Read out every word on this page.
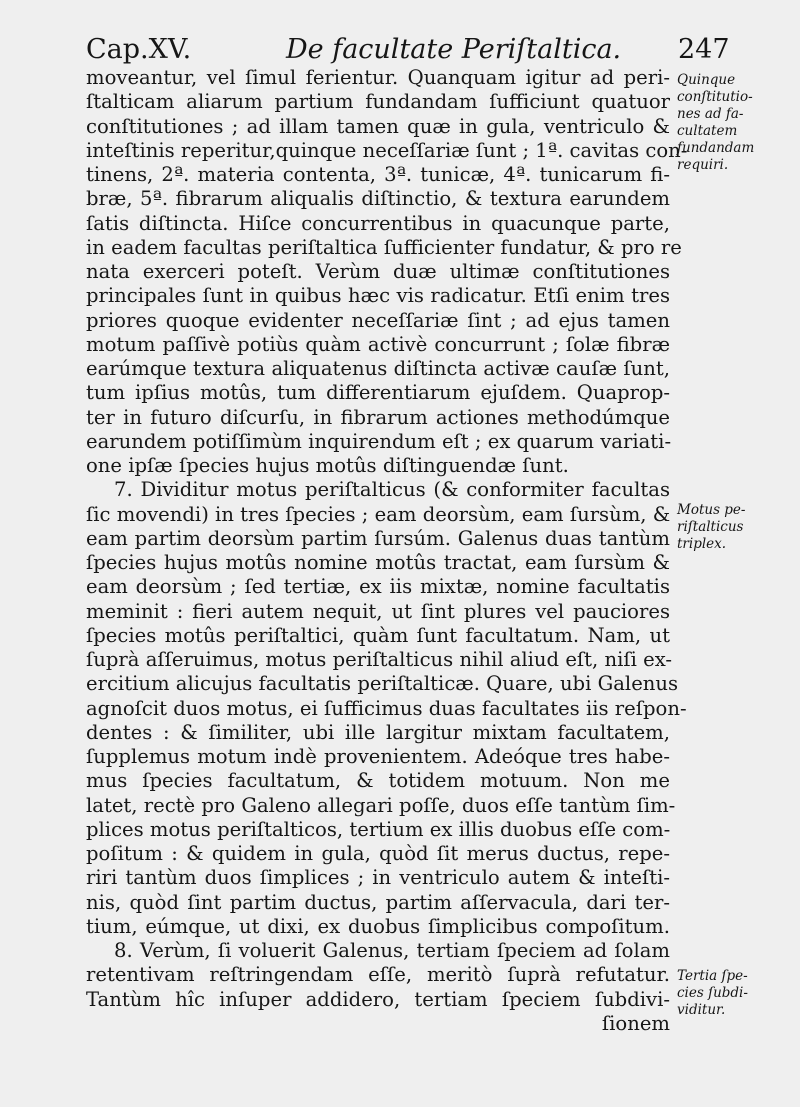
Cap.XV.	De facultate Periſtaltica. 247
moveantur, vel ſimul ferientur. Quanquam igitur ad peri-
ſtalticam aliarum partium fundandam ſufficiunt quatuor
conſtitutiones ; ad illam tamen quæ in gula, ventriculo &
inteſtinis reperitur,quinque neceſſariæ ſunt ; 1ª. cavitas con-
tinens, 2ª. materia contenta, 3ª. tunicæ, 4ª. tunicarum fi-
bræ, 5ª. fibrarum aliqualis diſtinctio, & textura earundem
ſatis diſtincta. Hiſce concurrentibus in quacunque parte,
in eadem facultas periſtaltica ſufficienter fundatur, & pro re
nata exerceri poteſt. Verùm duæ ultimæ conſtitutiones
principales ſunt in quibus hæc vis radicatur. Etſi enim tres
priores quoque evidenter neceſſariæ ſint ; ad ejus tamen
motum paſſivè potiùs quàm activè concurrunt ; ſolæ fibræ
earúmque textura aliquatenus diſtincta activæ cauſæ ſunt,
tum ipſius motûs, tum differentiarum ejuſdem. Quaprop-
ter in futuro diſcurſu, in fibrarum actiones methodúmque
earundem potiſſimùm inquirendum eſt ; ex quarum variati-
one ipſæ ſpecies hujus motûs diſtinguendæ ſunt.
7. Dividitur motus periſtalticus (& conformiter facultas
ſic movendi) in tres ſpecies ; eam deorsùm, eam ſursùm, &
eam partim deorsùm partim ſursúm. Galenus duas tantùm
ſpecies hujus motûs nomine motûs tractat, eam ſursùm &
eam deorsùm ; ſed tertiæ, ex iis mixtæ, nomine facultatis
meminit : fieri autem nequit, ut ſint plures vel pauciores
ſpecies motûs periſtaltici, quàm ſunt facultatum. Nam, ut
ſuprà aſſeruimus, motus periſtalticus nihil aliud eſt, niſi ex-
ercitium alicujus facultatis periſtalticæ. Quare, ubi Galenus
agnoſcit duos motus, ei ſufficimus duas facultates iis reſpon-
dentes : & ſimiliter, ubi ille largitur mixtam facultatem,
ſupplemus motum indè provenientem. Adeóque tres habe-
mus ſpecies facultatum, & totidem motuum. Non me
latet, rectè pro Galeno allegari poſſe, duos eſſe tantùm ſim-
plices motus periſtalticos, tertium ex illis duobus eſſe com-
poſitum : & quidem in gula, quòd ſit merus ductus, repe-
riri tantùm duos ſimplices ; in ventriculo autem & inteſti-
nis, quòd ſint partim ductus, partim aſſervacula, dari ter-
tium, eúmque, ut dixi, ex duobus ſimplicibus compoſitum.
8. Verùm, ſi voluerit Galenus, tertiam ſpeciem ad ſolam
retentivam reſtringendam eſſe, meritò ſuprà refutatur.
Tantùm hîc inſuper addidero, tertiam ſpeciem ſubdivi-
ſionem
Quinque
conſtitutio-
nes ad fa-
cultatem
fundandam
requiri.
Motus pe-
riſtalticus
triplex.
Tertia ſpe-
cies ſubdi-
viditur.
